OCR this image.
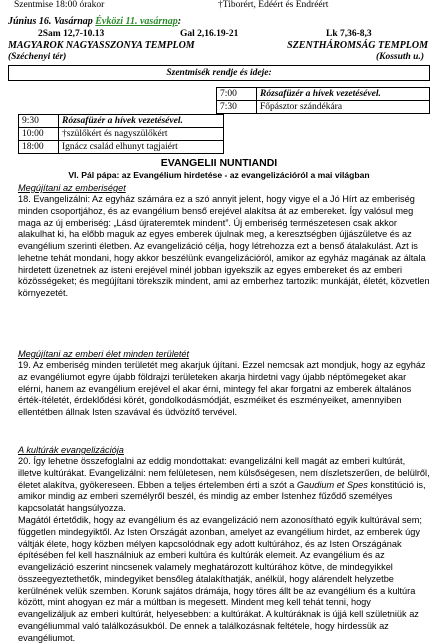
Szentmise 18:00 órakor	†Tiborért, Edéért és Endréért
Június 16. Vasárnap Évközi 11. vasárnap:
2Sam 12,7-10.13	Gal 2,16.19-21	Lk 7,36-8,3
MAGYAROK NAGYASSZONYA TEMPLOM	SZENTHÁROMSÁG TEMPLOM
(Széchenyi tér)	(Kossuth u.)
Szentmisék rendje és ideje:
7:00	Rózsafüzér a hívek vezetésével.
7:30	Főpásztor szándékára
9:30	Rózsafüzér a hívek vezetésével.
10:00	†szülőkért és nagyszülőkért
18:00	Ignácz család elhunyt tagjaiért
EVANGELII NUNTIANDI
VI. Pál pápa: az Evangélium hirdetése - az evangelizációról a mai világban
Megújítani az emberiséget
18. Evangelizálni: Az egyház számára ez a szó annyit jelent, hogy vigye el a Jó Hírt az emberiség minden csoportjához, és az evangélium benső erejével alakítsa át az embereket. Így valósul meg maga az új emberiség: „Lásd újrateremtek mindent”. Új emberiség természetesen csak akkor alakulhat ki, ha előbb maguk az egyes emberek újulnak meg, a keresztségben újjászületve és az evangélium szerinti életben. Az evangelizáció célja, hogy létrehozza ezt a benső átalakulást. Azt is lehetne tehát mondani, hogy akkor beszélünk evangelizációról, amikor az egyház magának az általa hirdetett üzenetnek az isteni erejével minél jobban igyekszik az egyes embereket és az emberi közösségeket; és megújítani törekszik mindent, ami az emberhez tartozik: munkáját, életét, közvetlen környezetét.
Megújítani az emberi élet minden területét
19. Az emberiség minden területét meg akarjuk újítani. Ezzel nemcsak azt mondjuk, hogy az egyház az evangéliumot egyre újabb földrajzi területeken akarja hirdetni vagy újabb néptömegeket akar elérni, hanem az evangélium erejével el akar érni, mintegy fel akar forgatni az emberek általános érték-ítéletét, érdeklődési körét, gondolkodásmódját, eszméiket és eszményeiket, amennyiben ellentétben állnak Isten szavával és üdvözítő tervével.
A kultúrák evangelizációja
20. Így lehetne összefoglalni az eddig mondottakat: evangelizálni kell magát az emberi kultúrát, illetve kultúrákat. Evangelizálni: nem felületesen, nem külsőségesen, nem díszletszerűen, de belülről, életet alakítva, gyökereseen. Ebben a teljes értelemben érti a szót a Gaudium et Spes konstitúció is, amikor mindig az emberi személyről beszél, és mindig az ember Istenhez fűződő személyes kapcsolatát hangsúlyozza.
Magától értetődik, hogy az evangélium és az evangelizáció nem azonosítható egyik kultúrával sem; független mindegyiktől. Az Isten Országát azonban, amelyet az evangélium hirdet, az emberek úgy váltják élete, hogy közben mélyen kapcsolódnak egy adott kultúrához, és az Isten Országának építésében fel kell használniuk az emberi kultúra és kultúrák elemeit. Az evangélium és az evangelizáció eszerint nincsenek valamely meghatározott kultúrához kötve, de mindegyikkel összeegyeztethetők, mindegyiket bensőleg átalakíthatják, anélkül, hogy alárendelt helyzetbe kerülnének velük szemben. Korunk sajátos drámája, hogy töres állt be az evangélium és a kultúra között, mint ahogyan ez már a múltban is megesett. Mindent meg kell tehát tenni, hogy evangelizáljuk az emberi kultúrát, helyesebben: a kultúrákat. A kultúráknak is újjá kell születniük az evangéliummal való találkozásukból. De ennek a találkozásnak feltétele, hogy hirdessük az evangéliumot.
